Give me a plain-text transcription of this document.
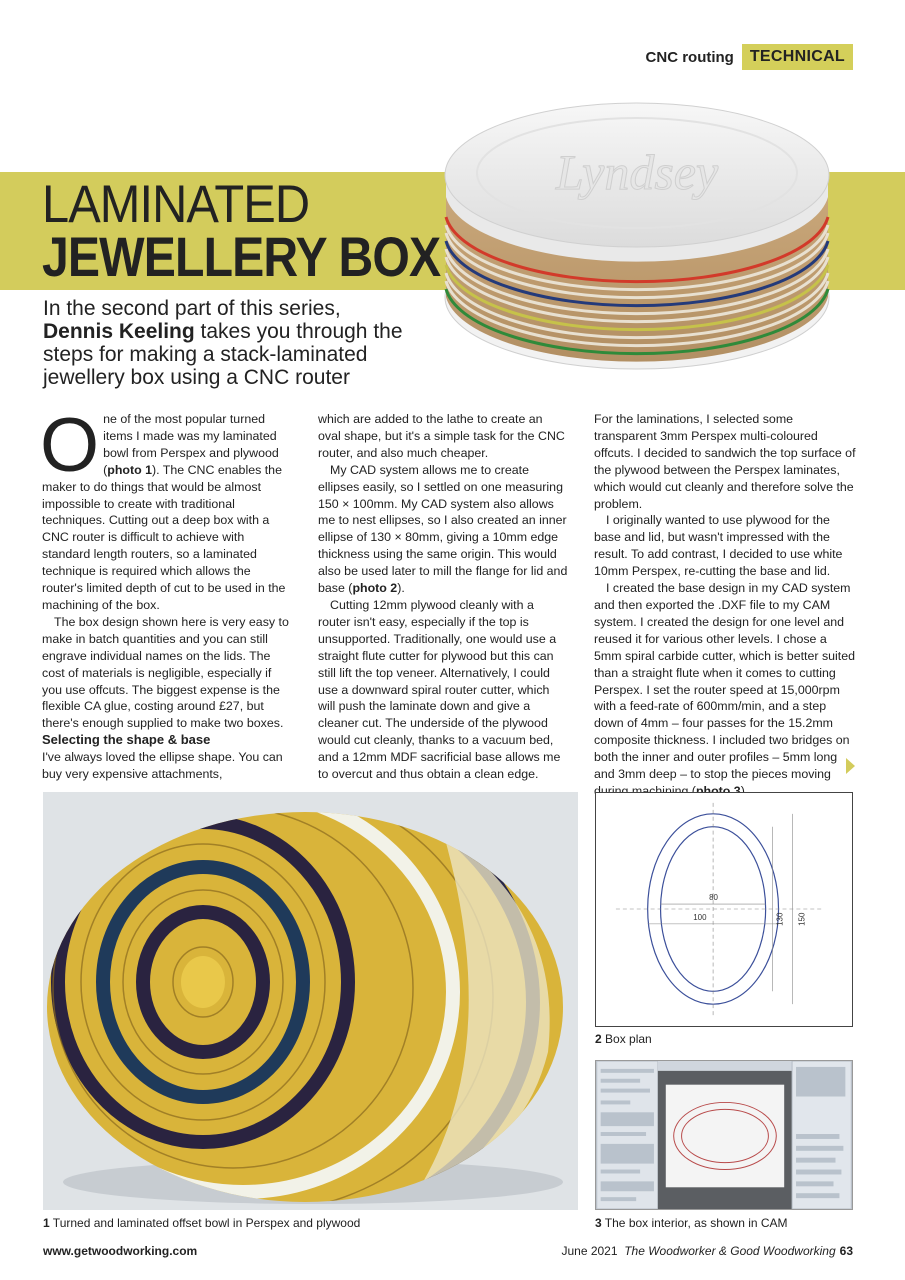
CNC routing	TECHNICAL
LAMINATED
JEWELLERY BOX
Lyndsey

In the second part of this series,
Dennis Keeling takes you through the steps for making a stack-laminated jewellery box using a CNC router

One of the most popular turned items I made was my laminated bowl from Perspex and plywood (photo 1). The CNC enables the maker to do things that would be almost impossible to create with traditional techniques. Cutting out a deep box with a CNC router is difficult to achieve with standard length routers, so a laminated technique is required which allows the router's limited depth of cut to be used in the machining of the box.

The box design shown here is very easy to make in batch quantities and you can still engrave individual names on the lids. The cost of materials is negligible, especially if you use offcuts. The biggest expense is the flexible CA glue, costing around £27, but there's enough supplied to make two boxes.

Selecting the shape & base

I've always loved the ellipse shape. You can buy very expensive attachments,

which are added to the lathe to create an oval shape, but it's a simple task for the CNC router, and also much cheaper.

My CAD system allows me to create ellipses easily, so I settled on one measuring 150 × 100mm. My CAD system also allows me to nest ellipses, so I also created an inner ellipse of 130 × 80mm, giving a 10mm edge thickness using the same origin. This would also be used later to mill the flange for lid and base (photo 2).

Cutting 12mm plywood cleanly with a router isn't easy, especially if the top is unsupported. Traditionally, one would use a straight flute cutter for plywood but this can still lift the top veneer. Alternatively, I could use a downward spiral router cutter, which will push the laminate down and give a cleaner cut. The underside of the plywood would cut cleanly, thanks to a vacuum bed, and a 12mm MDF sacrificial base allows me to overcut and thus obtain a clean edge.

For the laminations, I selected some transparent 3mm Perspex multi-coloured offcuts. I decided to sandwich the top surface of the plywood between the Perspex laminates, which would cut cleanly and therefore solve the problem.

I originally wanted to use plywood for the base and lid, but wasn't impressed with the result. To add contrast, I decided to use white 10mm Perspex, re-cutting the base and lid.

I created the base design in my CAD system and then exported the .DXF file to my CAM system. I created the design for one level and reused it for various other levels. I chose a 5mm spiral carbide cutter, which is better suited than a straight flute when it comes to cutting Perspex. I set the router speed at 15,000rpm with a feed-rate of 600mm/min, and a step down of 4mm – four passes for the 15.2mm composite thickness. I included two bridges on both the inner and outer profiles – 5mm long and 3mm deep – to stop the pieces moving during machining (photo 3).

1 Turned and laminated offset bowl in Perspex and plywood

80
100	130 150

2 Box plan

3 The box interior, as shown in CAM

www.getwoodworking.com	June 2021 The Woodworker & Good Woodworking 63
